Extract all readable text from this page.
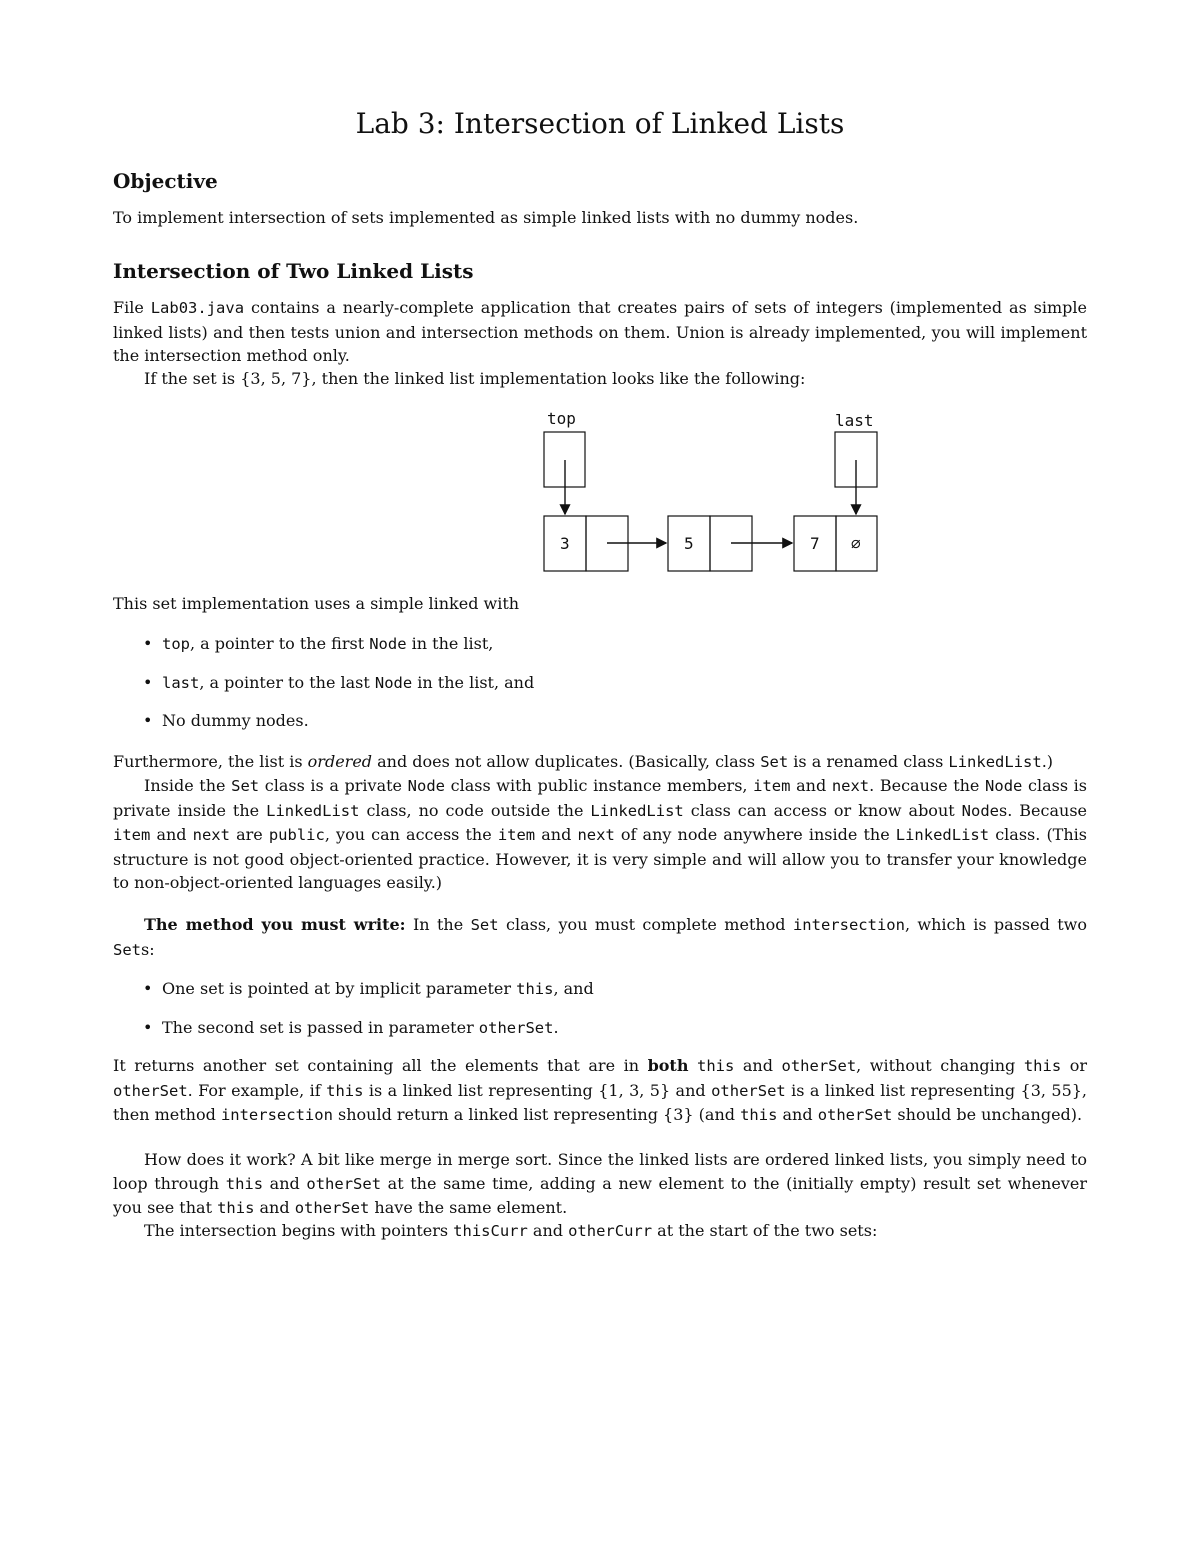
Lab 3: Intersection of Linked Lists
Objective

To implement intersection of sets implemented as simple linked lists with no dummy nodes.

Intersection of Two Linked Lists

File Lab03.java contains a nearly-complete application that creates pairs of sets of integers (implemented as simple linked lists) and then tests union and intersection methods on them. Union is already implemented, you will implement the intersection method only.

If the set is {3, 5, 7}, then the linked list implementation looks like the following:

top	last
3	5	7 ∅

This set implementation uses a simple linked with

• top, a pointer to the first Node in the list,
• last, a pointer to the last Node in the list, and
• No dummy nodes.

Furthermore, the list is ordered and does not allow duplicates. (Basically, class Set is a renamed class LinkedList.)

Inside the Set class is a private Node class with public instance members, item and next. Because the Node class is private inside the LinkedList class, no code outside the LinkedList class can access or know about Nodes. Because item and next are public, you can access the item and next of any node anywhere inside the LinkedList class. (This structure is not good object-oriented practice. However, it is very simple and will allow you to transfer your knowledge to non-object-oriented languages easily.)

The method you must write: In the Set class, you must complete method intersection, which is passed two Sets:

• One set is pointed at by implicit parameter this, and
• The second set is passed in parameter otherSet.

It returns another set containing all the elements that are in both this and otherSet, without changing this or otherSet. For example, if this is a linked list representing {1, 3, 5} and otherSet is a linked list representing {3, 55}, then method intersection should return a linked list representing {3} (and this and otherSet should be unchanged).

How does it work? A bit like merge in merge sort. Since the linked lists are ordered linked lists, you simply need to loop through this and otherSet at the same time, adding a new element to the (initially empty) result set whenever you see that this and otherSet have the same element.

The intersection begins with pointers thisCurr and otherCurr at the start of the two sets:
